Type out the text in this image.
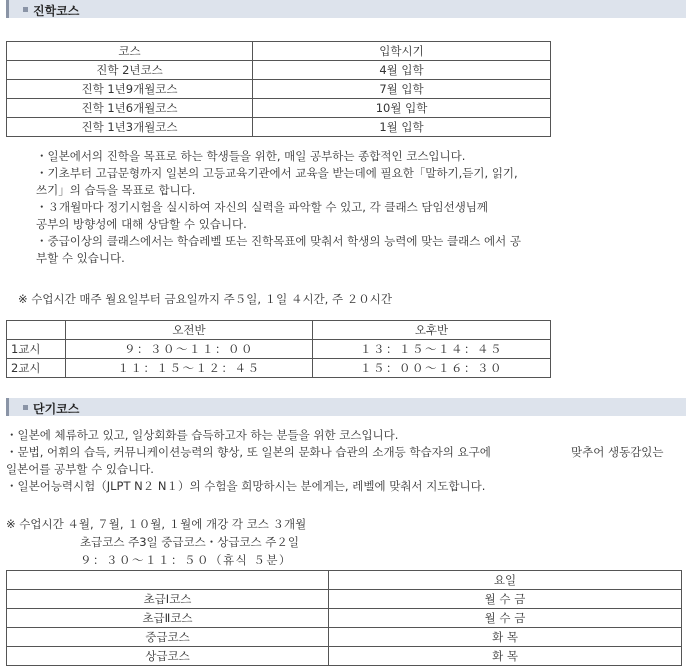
진학코스
코스	입학시기
진학 2년코스	4월 입학
진학 1년9개월코스	7월 입학
진학 1년6개월코스	10월 입학
진학 1년3개월코스	1월 입학

・일본에서의 진학을 목표로 하는 학생들을 위한, 매일 공부하는 종합적인 코스입니다.

・기초부터 고급문형까지 일본의 고등교육기관에서 교육을 받는데에 필요한「말하기,듣기, 읽기,

쓰기」의 습득을 목표로 합니다.

・３개월마다 정기시험을 실시하여 자신의 실력을 파악할 수 있고, 각 클래스 담임선생님께

공부의 방향성에 대해 상담할 수 있습니다.

・중급이상의 클래스에서는 학습레벨 또는 진학목표에 맞춰서 학생의 능력에 맞는 클래스 에서 공

부할 수 있습니다.

※ 수업시간 매주 월요일부터 금요일까지 주５일, １일 ４시간, 주 ２０시간
	오전반	오후반
1교시	９：３０～１１：００	１３：１５～１４：４５
2교시	１１：１５～１２：４５	１５：００～１６：３０
단기코스

・일본에 체류하고 있고, 일상회화를 습득하고자 하는 분들을 위한 코스입니다.

・문법, 어휘의 습득, 커뮤니케이션능력의 향상, 또 일본의 문화나 습관의 소개등 학습자의 요구에	맞추어 생동감있는

일본어를 공부할 수 있습니다.

・일본어능력시험（JLPT N２ N１）의 수험을 희망하시는 분에게는, 레벨에 맞춰서 지도합니다.

※ 수업시간 ４월, ７월, １０월, １월에 개강 각 코스 ３개월
초급코스 주3일 중급코스・상급코스 주２일
９：３０～１１：５０（휴식 ５분）
	요일
초급Ⅰ코스	월 수 금
초급Ⅱ코스	월 수 금
중급코스	화 목
상급코스	화 목
